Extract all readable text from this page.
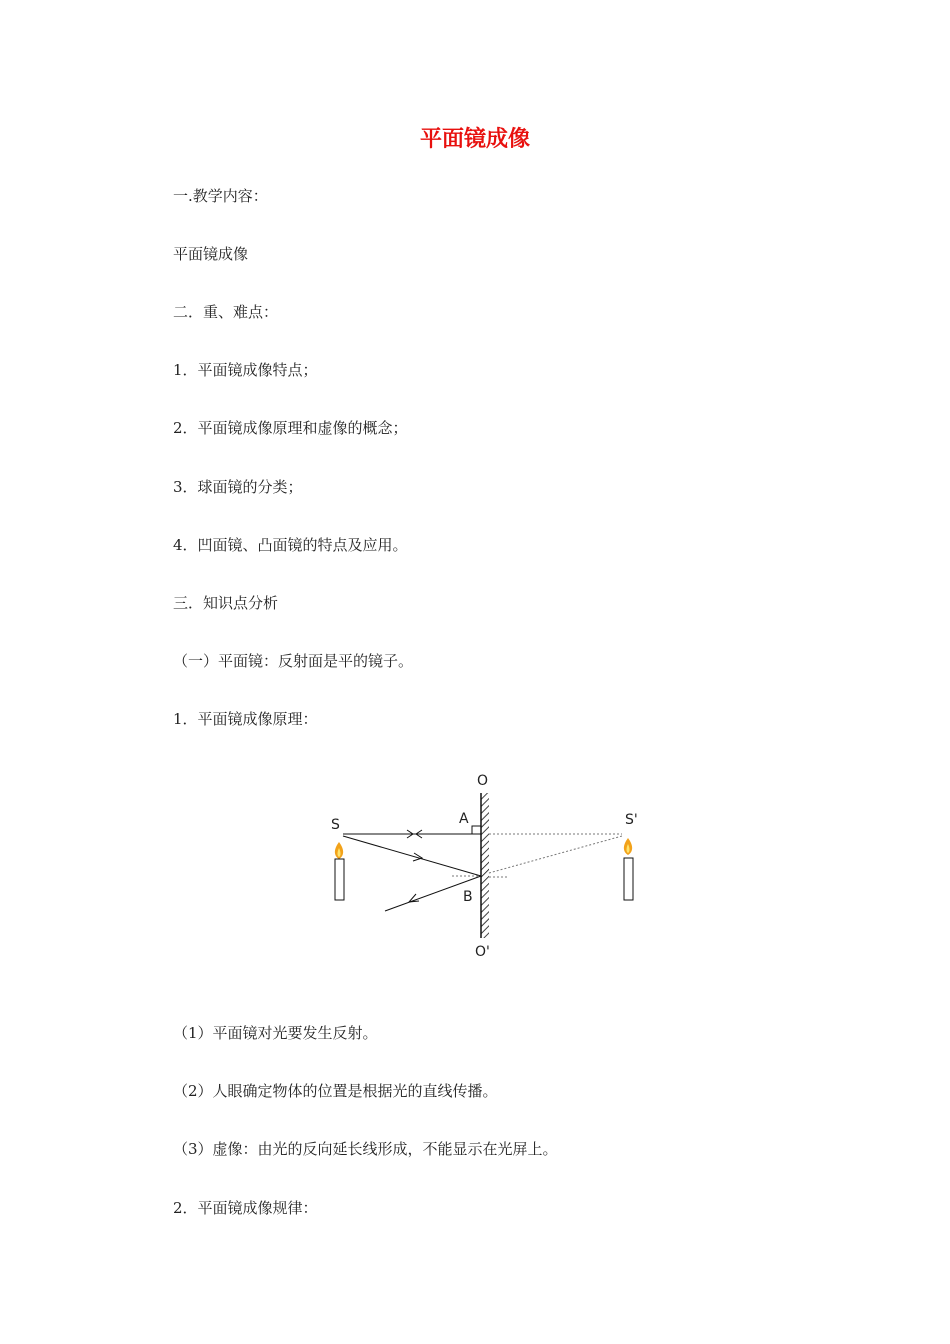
平面镜成像
一.教学内容：
平面镜成像
二．重、难点：
1．平面镜成像特点；
2．平面镜成像原理和虚像的概念；
3．球面镜的分类；
4．凹面镜、凸面镜的特点及应用。
三．知识点分析
（一）平面镜：反射面是平的镜子。
1．平面镜成像原理：
O
O'
A
B
S	S'
（1）平面镜对光要发生反射。
（2）人眼确定物体的位置是根据光的直线传播。
（3）虚像：由光的反向延长线形成，不能显示在光屏上。
2．平面镜成像规律：
